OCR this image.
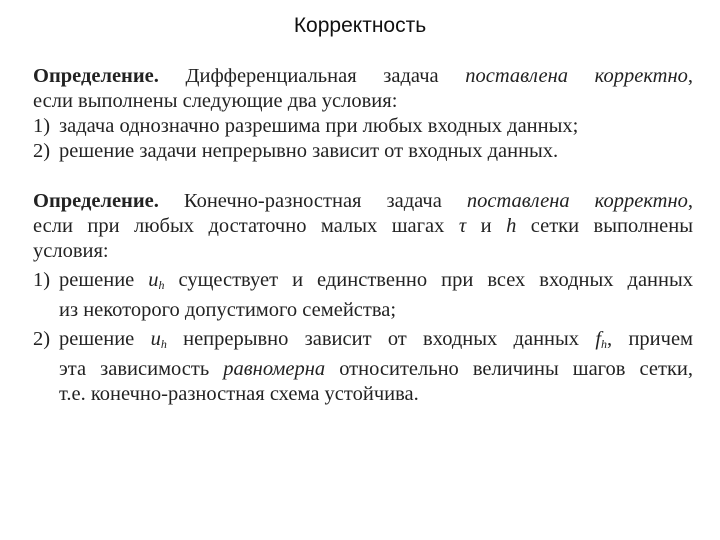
Корректность

Определение. Дифференциальная задача поставлена корректно,

если выполнены следующие два условия:

1) задача однозначно разрешима при любых входных данных;
2) решение задачи непрерывно зависит от входных данных.

Определение. Конечно-разностная задача поставлена корректно,

если при любых достаточно малых шагах τ и h сетки выполнены

условия:

1) решение $u_h$ существует и единственно при всех входных данных

из некоторого допустимого семейства;

2) решение $u_h$ непрерывно зависит от входных данных $f_h$, причем

эта зависимость равномерна относительно величины шагов сетки,

т.е. конечно-разностная схема устойчива.
